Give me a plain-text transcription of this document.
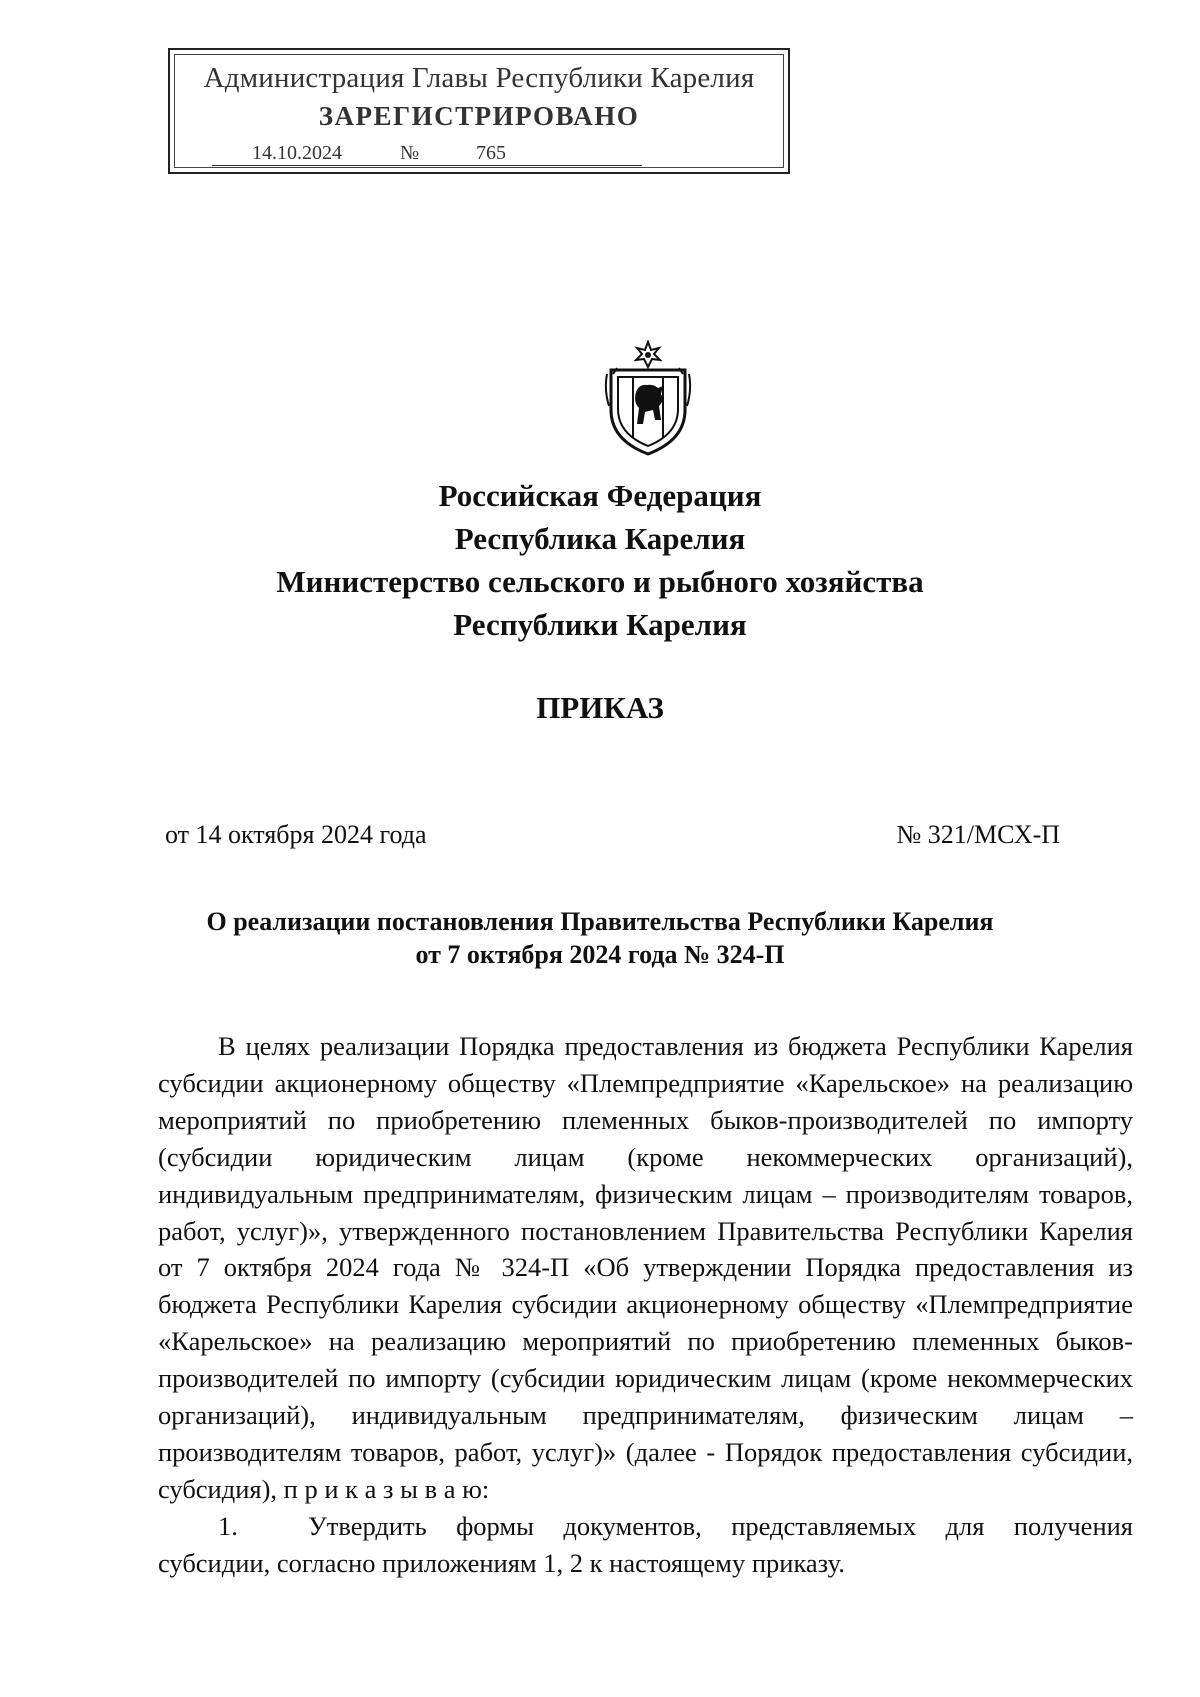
Администрация Главы Республики Карелия
ЗАРЕГИСТРИРОВАНО
14.10.2024	№	765
Российская Федерация
Республика Карелия
Министерство сельского и рыбного хозяйства
Республики Карелия
ПРИКАЗ
от 14 октября 2024 года	№ 321/МСХ-П
О реализации постановления Правительства Республики Карелия
от 7 октября 2024 года № 324-П

В целях реализации Порядка предоставления из бюджета Республики Карелия субсидии акционерному обществу «Племпредприятие «Карельское» на реализацию мероприятий по приобретению племенных быков-производителей по импорту (субсидии юридическим лицам (кроме некоммерческих организаций), индивидуальным предпринимателям, физическим лицам – производителям товаров, работ, услуг)», утвержденного постановлением Правительства Республики Карелия от 7 октября 2024 года № 324-П «Об утверждении Порядка предоставления из бюджета Республики Карелия субсидии акционерному обществу «Племпредприятие «Карельское» на реализацию мероприятий по приобретению племенных быков-производителей по импорту (субсидии юридическим лицам (кроме некоммерческих организаций), индивидуальным предпринимателям, физическим лицам – производителям товаров, работ, услуг)» (далее - Порядок предоставления субсидии, субсидия), п р и к а з ы в а ю:

1.	Утвердить формы документов, представляемых для получения субсидии, согласно приложениям 1, 2 к настоящему приказу.
